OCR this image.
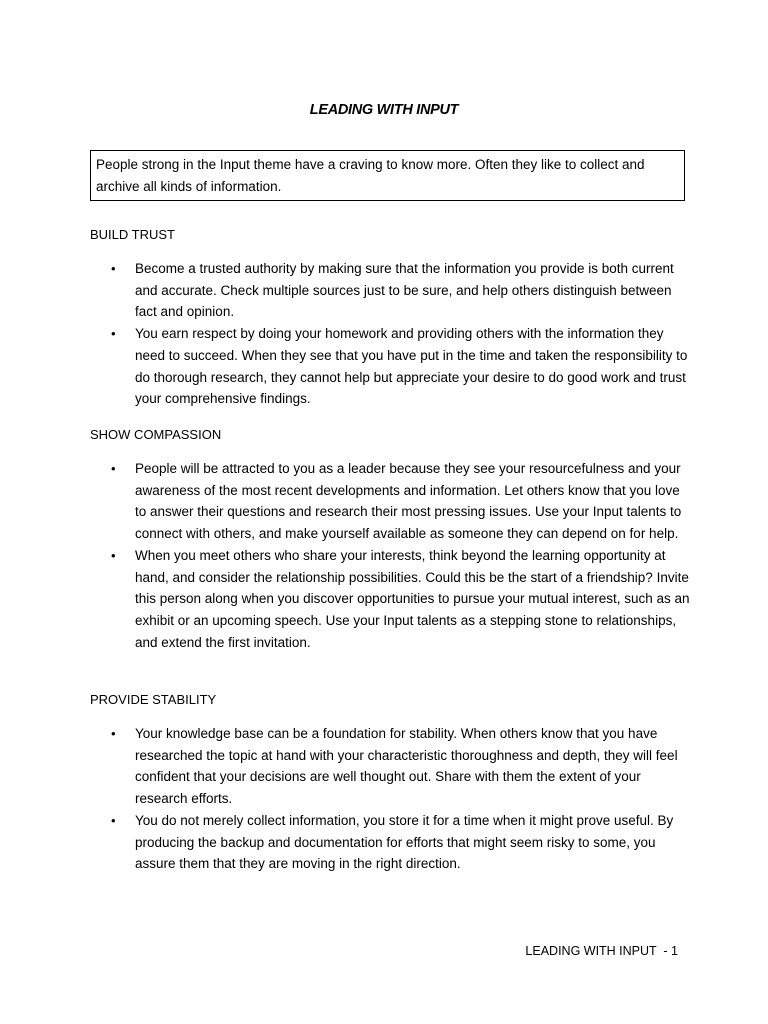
LEADING WITH INPUT
People strong in the Input theme have a craving to know more. Often they like to collect and archive all kinds of information.
BUILD TRUST
• Become a trusted authority by making sure that the information you provide is both current and accurate. Check multiple sources just to be sure, and help others distinguish between fact and opinion.
• You earn respect by doing your homework and providing others with the information they need to succeed. When they see that you have put in the time and taken the responsibility to do thorough research, they cannot help but appreciate your desire to do good work and trust your comprehensive findings.
SHOW COMPASSION
• People will be attracted to you as a leader because they see your resourcefulness and your awareness of the most recent developments and information. Let others know that you love to answer their questions and research their most pressing issues. Use your Input talents to connect with others, and make yourself available as someone they can depend on for help.
• When you meet others who share your interests, think beyond the learning opportunity at hand, and consider the relationship possibilities. Could this be the start of a friendship? Invite this person along when you discover opportunities to pursue your mutual interest, such as an exhibit or an upcoming speech. Use your Input talents as a stepping stone to relationships, and extend the first invitation.
PROVIDE STABILITY
• Your knowledge base can be a foundation for stability. When others know that you have researched the topic at hand with your characteristic thoroughness and depth, they will feel confident that your decisions are well thought out. Share with them the extent of your research efforts.
• You do not merely collect information, you store it for a time when it might prove useful. By producing the backup and documentation for efforts that might seem risky to some, you assure them that they are moving in the right direction.
LEADING WITH INPUT  - 1
